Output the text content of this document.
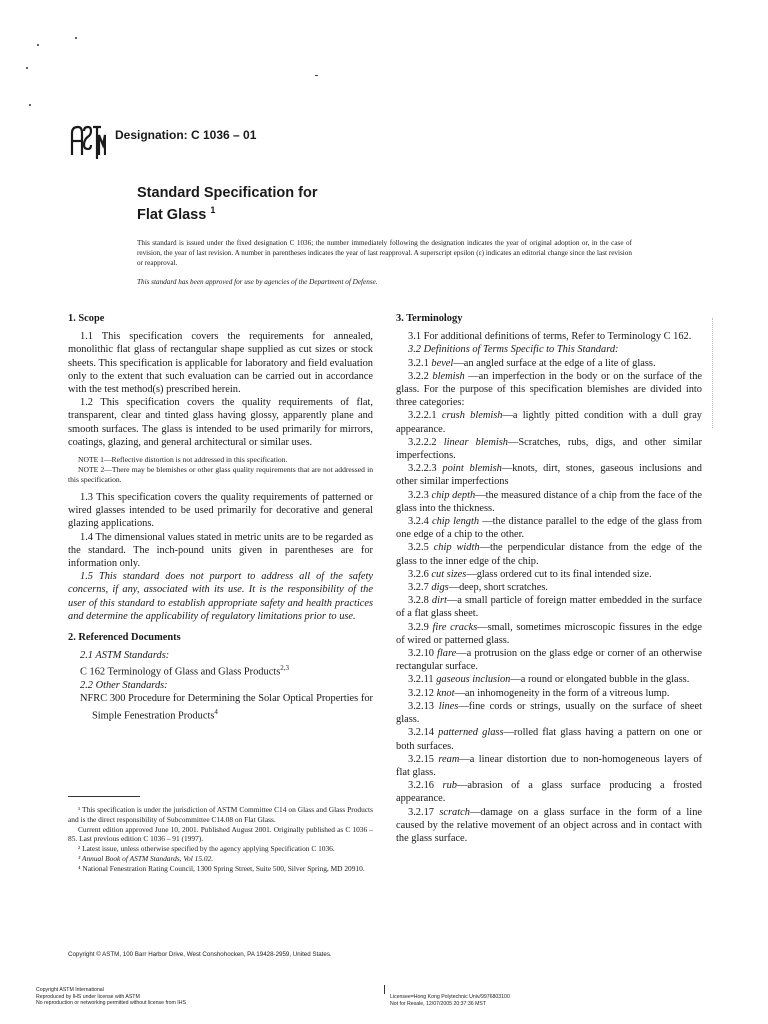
Designation: C 1036 – 01
Standard Specification for
Flat Glass $^1$
This standard is issued under the fixed designation C 1036; the number immediately following the designation indicates the year of original adoption or, in the case of revision, the year of last revision. A number in parentheses indicates the year of last reapproval. A superscript epsilon (ε) indicates an editorial change since the last revision or reapproval.
This standard has been approved for use by agencies of the Department of Defense.
1. Scope

1.1 This specification covers the requirements for annealed, monolithic flat glass of rectangular shape supplied as cut sizes or stock sheets. This specification is applicable for laboratory and field evaluation only to the extent that such evaluation can be carried out in accordance with the test method(s) prescribed herein.

1.2 This specification covers the quality requirements of flat, transparent, clear and tinted glass having glossy, apparently plane and smooth surfaces. The glass is intended to be used primarily for mirrors, coatings, glazing, and general architectural or similar uses.

NOTE 1—Reflective distortion is not addressed in this specification.

NOTE 2—There may be blemishes or other glass quality requirements that are not addressed in this specification.

1.3 This specification covers the quality requirements of patterned or wired glasses intended to be used primarily for decorative and general glazing applications.

1.4 The dimensional values stated in metric units are to be regarded as the standard. The inch-pound units given in parentheses are for information only.

1.5 This standard does not purport to address all of the safety concerns, if any, associated with its use. It is the responsibility of the user of this standard to establish appropriate safety and health practices and determine the applicability of regulatory limitations prior to use.

2. Referenced Documents

2.1 ASTM Standards:

C 162 Terminology of Glass and Glass Products$^{2,3}$

2.2 Other Standards:

NFRC 300 Procedure for Determining the Solar Optical Properties for Simple Fenestration Products$^4$

¹ This specification is under the jurisdiction of ASTM Committee C14 on Glass and Glass Products and is the direct responsibility of Subcommittee C14.08 on Flat Glass.

Current edition approved June 10, 2001. Published August 2001. Originally published as C 1036 – 85. Last previous edition C 1036 – 91 (1997).

² Latest issue, unless otherwise specified by the agency applying Specification C 1036.

³ Annual Book of ASTM Standards, Vol 15.02.

⁴ National Fenestration Rating Council, 1300 Spring Street, Suite 500, Silver Spring, MD 20910.

3. Terminology

3.1 For additional definitions of terms, Refer to Terminology C 162.

3.2 Definitions of Terms Specific to This Standard:

3.2.1 bevel—an angled surface at the edge of a lite of glass.

3.2.2 blemish —an imperfection in the body or on the surface of the glass. For the purpose of this specification blemishes are divided into three categories:

3.2.2.1 crush blemish—a lightly pitted condition with a dull gray appearance.

3.2.2.2 linear blemish—Scratches, rubs, digs, and other similar imperfections.

3.2.2.3 point blemish—knots, dirt, stones, gaseous inclusions and other similar imperfections

3.2.3 chip depth—the measured distance of a chip from the face of the glass into the thickness.

3.2.4 chip length —the distance parallel to the edge of the glass from one edge of a chip to the other.

3.2.5 chip width—the perpendicular distance from the edge of the glass to the inner edge of the chip.

3.2.6 cut sizes—glass ordered cut to its final intended size.

3.2.7 digs—deep, short scratches.

3.2.8 dirt—a small particle of foreign matter embedded in the surface of a flat glass sheet.

3.2.9 fire cracks—small, sometimes microscopic fissures in the edge of wired or patterned glass.

3.2.10 flare—a protrusion on the glass edge or corner of an otherwise rectangular surface.

3.2.11 gaseous inclusion—a round or elongated bubble in the glass.

3.2.12 knot—an inhomogeneity in the form of a vitreous lump.

3.2.13 lines—fine cords or strings, usually on the surface of sheet glass.

3.2.14 patterned glass—rolled flat glass having a pattern on one or both surfaces.

3.2.15 ream—a linear distortion due to non-homogeneous layers of flat glass.

3.2.16 rub—abrasion of a glass surface producing a frosted appearance.

3.2.17 scratch—damage on a glass surface in the form of a line caused by the relative movement of an object across and in contact with the glass surface.

Copyright © ASTM, 100 Barr Harbor Drive, West Conshohocken, PA 19428-2959, United States.
Copyright ASTM International
Reproduced by IHS under license with ASTM
No reproduction or networking permitted without license from IHS
Licensee=Hong Kong Polytechnic Univ/9976803100
Not for Resale, 12/07/2005 20:37:36 MST
